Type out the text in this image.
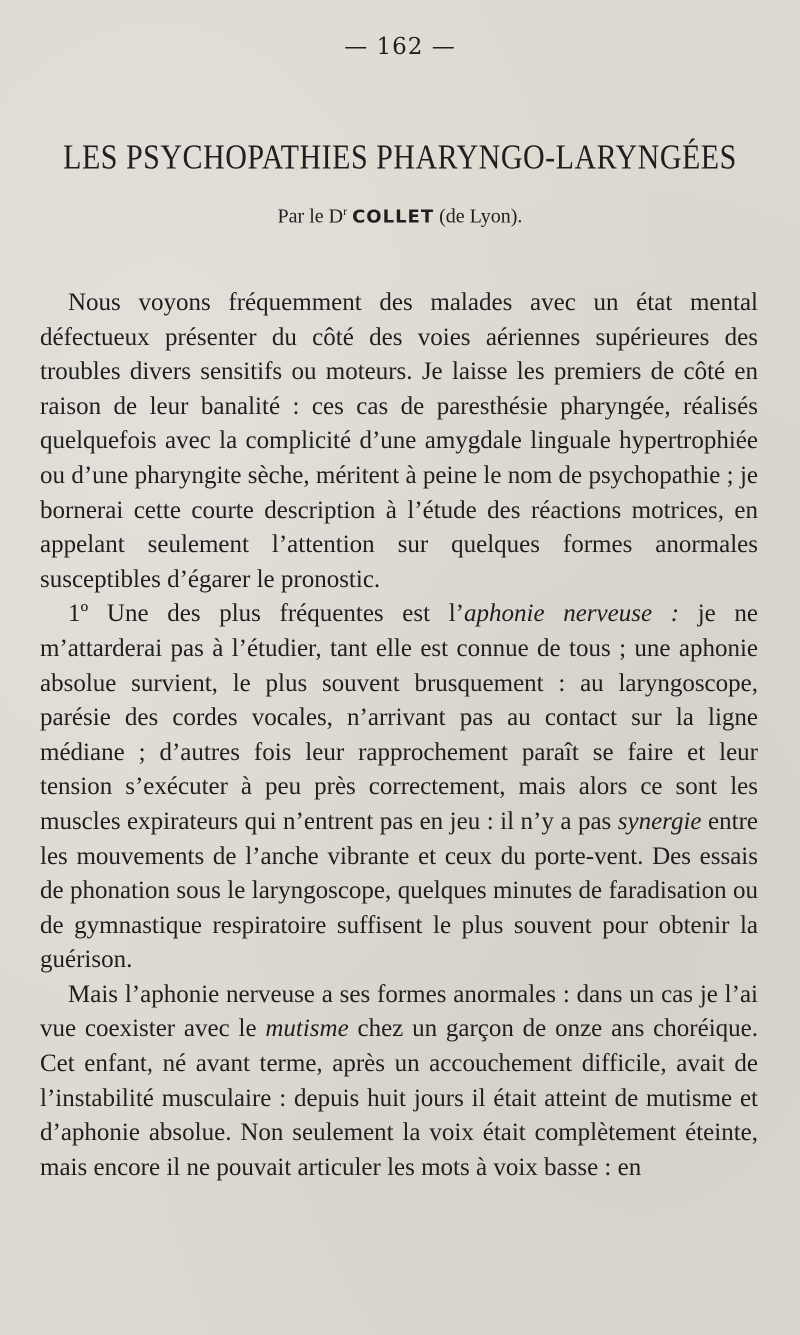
— 162 —
LES PSYCHOPATHIES PHARYNGO-LARYNGÉES
Par le $D^r$ COLLET (de Lyon).

Nous voyons fréquemment des malades avec un état mental défectueux présenter du côté des voies aériennes supérieures des troubles divers sensitifs ou moteurs. Je laisse les premiers de côté en raison de leur banalité : ces cas de paresthésie pharyngée, réalisés quelquefois avec la complicité d’une amygdale linguale hypertrophiée ou d’une pharyngite sèche, méritent à peine le nom de psychopathie ; je bornerai cette courte description à l’étude des réactions motrices, en appelant seulement l’attention sur quelques formes anormales susceptibles d’égarer le pronostic.

1º Une des plus fréquentes est l’aphonie nerveuse : je ne m’attarderai pas à l’étudier, tant elle est connue de tous ; une aphonie absolue survient, le plus souvent brusquement : au laryngoscope, parésie des cordes vocales, n’arrivant pas au contact sur la ligne médiane ; d’autres fois leur rapprochement paraît se faire et leur tension s’exécuter à peu près correctement, mais alors ce sont les muscles expirateurs qui n’entrent pas en jeu : il n’y a pas synergie entre les mouvements de l’anche vibrante et ceux du porte-vent. Des essais de phonation sous le laryngoscope, quelques minutes de faradisation ou de gymnastique respiratoire suffisent le plus souvent pour obtenir la guérison.

Mais l’aphonie nerveuse a ses formes anormales : dans un cas je l’ai vue coexister avec le mutisme chez un garçon de onze ans choréique. Cet enfant, né avant terme, après un accouchement difficile, avait de l’instabilité musculaire : depuis huit jours il était atteint de mutisme et d’aphonie absolue. Non seulement la voix était complètement éteinte, mais encore il ne pouvait articuler les mots à voix basse : en
